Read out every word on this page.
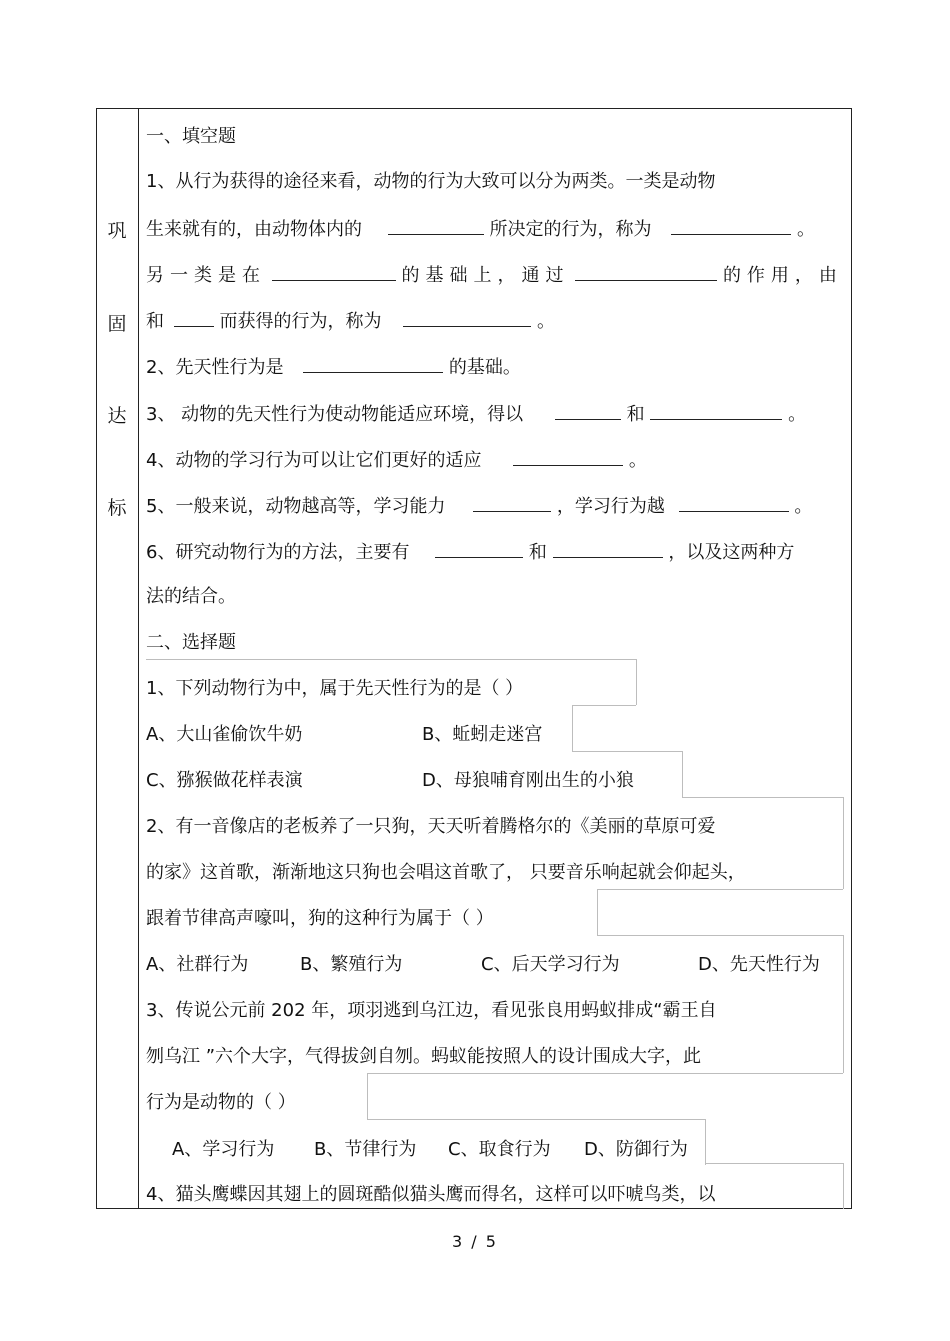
巩
固
达
标
一、填空题
1、从行为获得的途径来看，动物的行为大致可以分为两类。一类是动物
生来就有的，由动物体内的	所决定的行为，称为	。
另一类是在	的基础上，通过	的作用，由
和	而获得的行为，称为	。
2、先天性行为是	的基础。
3、 动物的先天性行为使动物能适应环境，得以	和	。
4、动物的学习行为可以让它们更好的适应	。
5、一般来说，动物越高等，学习能力	，学习行为越	。
6、研究动物行为的方法，主要有	和	，以及这两种方
法的结合。
二、选择题
1、下列动物行为中，属于先天性行为的是（ ）
A、大山雀偷饮牛奶	B、蚯蚓走迷宫
C、猕猴做花样表演	D、母狼哺育刚出生的小狼
2、有一音像店的老板养了一只狗，天天听着腾格尔的《美丽的草原可爱
的家》这首歌，渐渐地这只狗也会唱这首歌了， 只要音乐响起就会仰起头，
跟着节律高声嚎叫，狗的这种行为属于（ ）
A、社群行为	B、繁殖行为	C、后天学习行为	D、先天性行为
3、传说公元前 202 年，项羽逃到乌江边，看见张良用蚂蚁排成“霸王自
刎乌江 ”六个大字，气得拔剑自刎。蚂蚁能按照人的设计围成大字，此
行为是动物的（ ）
A、学习行为 B、节律行为 C、取食行为 D、防御行为
4、猫头鹰蝶因其翅上的圆斑酷似猫头鹰而得名，这样可以吓唬鸟类，以
3 / 5
